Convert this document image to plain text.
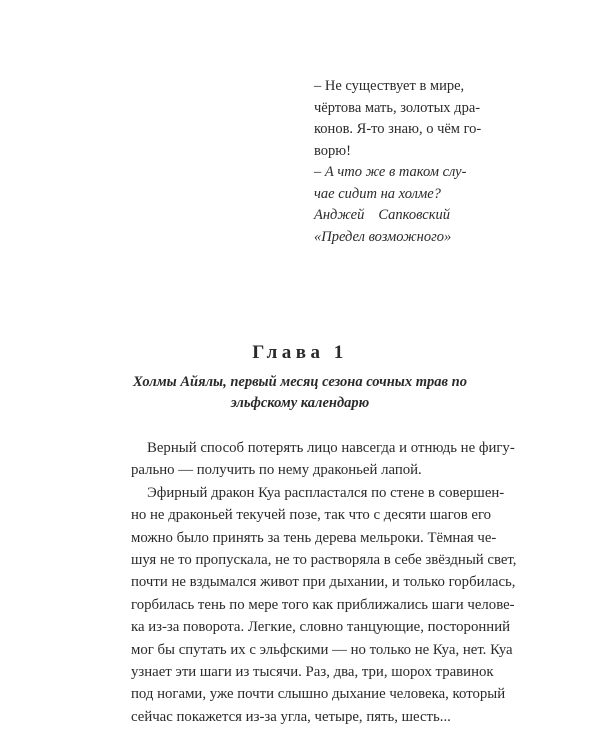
– Не существует в мире,
чёртова мать, золотых дра-
конов. Я-то знаю, о чём го-
ворю!
– А что же в таком слу-
чае сидит на холме?
Анджей Сапковский
«Предел возможного»
Глава 1
Холмы Айялы, первый месяц сезона сочных трав по
эльфскому календарю
Верный способ потерять лицо навсегда и отнюдь не фигу-
рально — получить по нему драконьей лапой.
Эфирный дракон Куа распластался по стене в совершен-
но не драконьей текучей позе, так что с десяти шагов его
можно было принять за тень дерева мельроки. Тёмная че-
шуя не то пропускала, не то растворяла в себе звёздный свет,
почти не вздымался живот при дыхании, и только горбилась,
горбилась тень по мере того как приближались шаги челове-
ка из-за поворота. Легкие, словно танцующие, посторонний
мог бы спутать их с эльфскими — но только не Куа, нет. Куа
узнает эти шаги из тысячи. Раз, два, три, шорох травинок
под ногами, уже почти слышно дыхание человека, который
сейчас покажется из-за угла, четыре, пять, шесть...
